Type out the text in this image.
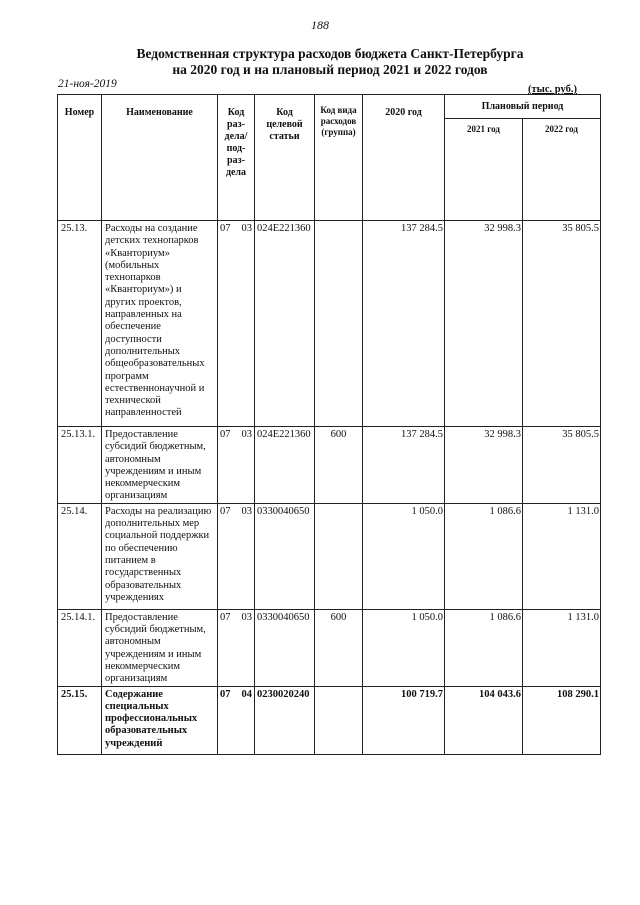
188
Ведомственная структура расходов бюджета Санкт-Петербурга
на 2020 год и на плановый период 2021 и 2022 годов
21-ноя-2019	(тыс. руб.)
Номер	Наименование	Код раз- дела/ под- раз- дела	Код целевой статьи	Код вида расходов (группа)	2020 год	Плановый период	
						2021 год	2022 год
25.13.	Расходы на создание детских технопарков «Кванториум» (мобильных технопарков «Кванториум») и других проектов, направленных на обеспечение доступности дополнительных общеобразовательных программ естественнонаучной и технической направленностей	07 03	024E221360		137 284.5	32 998.3	35 805.5
25.13.1.	Предоставление субсидий бюджетным, автономным учреждениям и иным некоммерческим организациям	07 03	024E221360	600	137 284.5	32 998.3	35 805.5
25.14.	Расходы на реализацию дополнительных мер социальной поддержки по обеспечению питанием в государственных образовательных учреждениях	07 03	0330040650		1 050.0	1 086.6	1 131.0
25.14.1.	Предоставление субсидий бюджетным, автономным учреждениям и иным некоммерческим организациям	07 03	0330040650	600	1 050.0	1 086.6	1 131.0
25.15.	Содержание специальных профессиональных образовательных учреждений	07 04	0230020240		100 719.7	104 043.6	108 290.1
